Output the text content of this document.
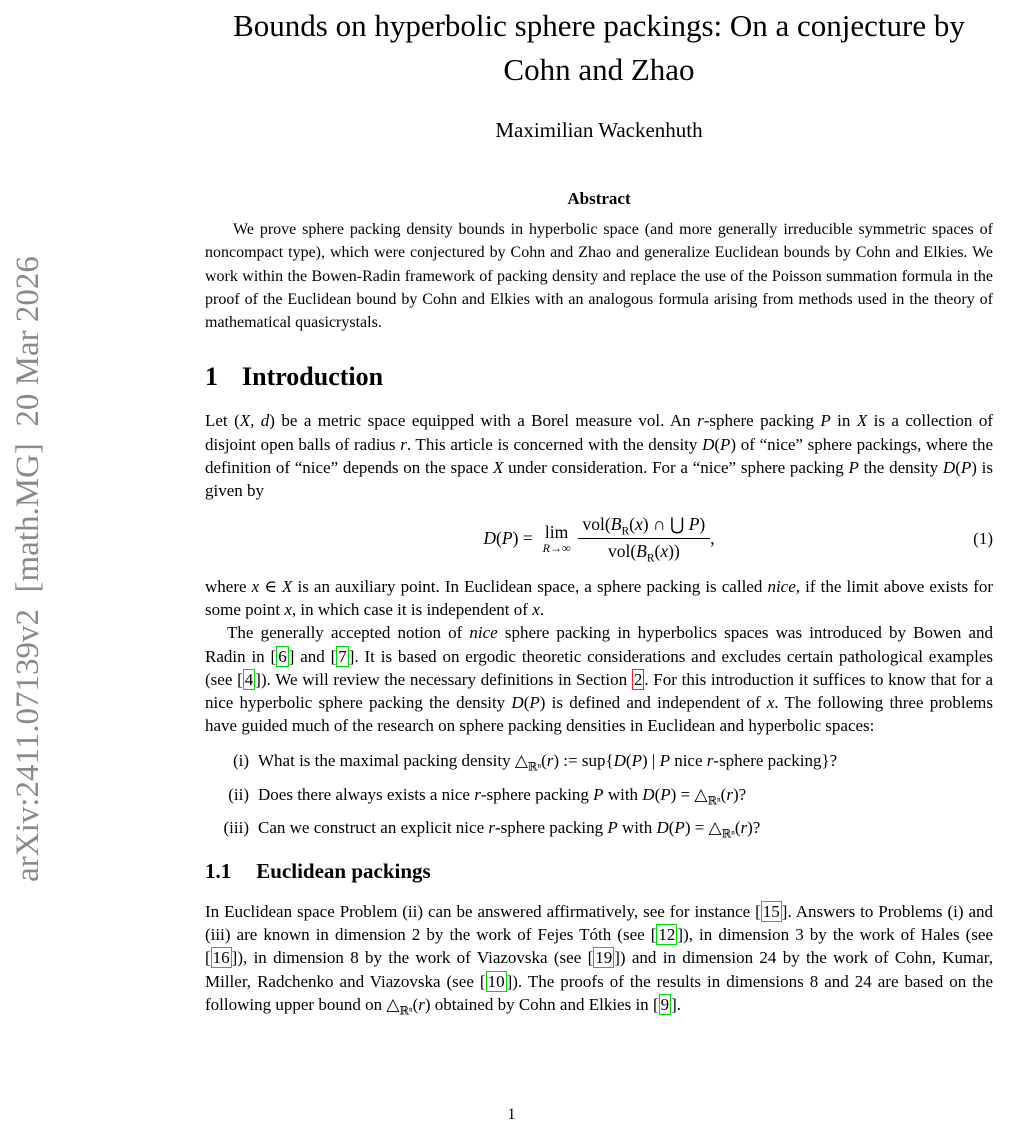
arXiv:2411.07139v2  [math.MG]  20 Mar 2026
Bounds on hyperbolic sphere packings: On a conjecture by
Cohn and Zhao
Maximilian Wackenhuth
Abstract

We prove sphere packing density bounds in hyperbolic space (and more generally irreducible symmetric spaces of noncompact type), which were conjectured by Cohn and Zhao and generalize Euclidean bounds by Cohn and Elkies. We work within the Bowen-Radin framework of packing density and replace the use of the Poisson summation formula in the proof of the Euclidean bound by Cohn and Elkies with an analogous formula arising from methods used in the theory of mathematical quasicrystals.

1 Introduction

Let (X, d) be a metric space equipped with a Borel measure vol. An r-sphere packing P in X is a collection of disjoint open balls of radius r. This article is concerned with the density D(P) of “nice” sphere packings, where the definition of “nice” depends on the space X under consideration. For a “nice” sphere packing P the density D(P) is given by

D(P) = lim
$R\to\infty \frac{vol(B_R(x) \cap ⋃ P)}{vol(B_R(x))}$ ,	(1)

where x ∈ X is an auxiliary point. In Euclidean space, a sphere packing is called nice, if the limit above exists for some point x, in which case it is independent of x.

The generally accepted notion of nice sphere packing in hyperbolics spaces was introduced by Bowen and Radin in [ 6 ] and [ 7 ]. It is based on ergodic theoretic considerations and excludes certain pathological examples (see [ 4 ]). We will review the necessary definitions in Section 2 . For this introduction it suffices to know that for a nice hyperbolic sphere packing the density D(P) is defined and independent of x. The following three problems have guided much of the research on sphere packing densities in Euclidean and hyperbolic spaces:

(i) What is the maximal packing density $\triangle_{ℝ^n}(r)$ := sup{D(P) | P nice r-sphere packing}?
(ii) Does there always exists a nice r-sphere packing P with $D(P) = \triangle_{ℝ^n}(r)$?
(iii) Can we construct an explicit nice r-sphere packing P with $D(P) = \triangle_{ℝ^n}(r)$?
1.1 Euclidean packings

In Euclidean space Problem (ii) can be answered affirmatively, see for instance [ 15 ]. Answers to Problems (i) and (iii) are known in dimension 2 by the work of Fejes Tóth (see [ 12 ]), in dimension 3 by the work of Hales (see [ 16 ]), in dimension 8 by the work of Viazovska (see [ 19 ]) and in dimension 24 by the work of Cohn, Kumar, Miller, Radchenko and Viazovska (see [ 10 ]). The proofs of the results in dimensions 8 and 24 are based on the following upper bound on $\triangle_{ℝ^n}(r)$ obtained by Cohn and Elkies in [ 9 ].

1
